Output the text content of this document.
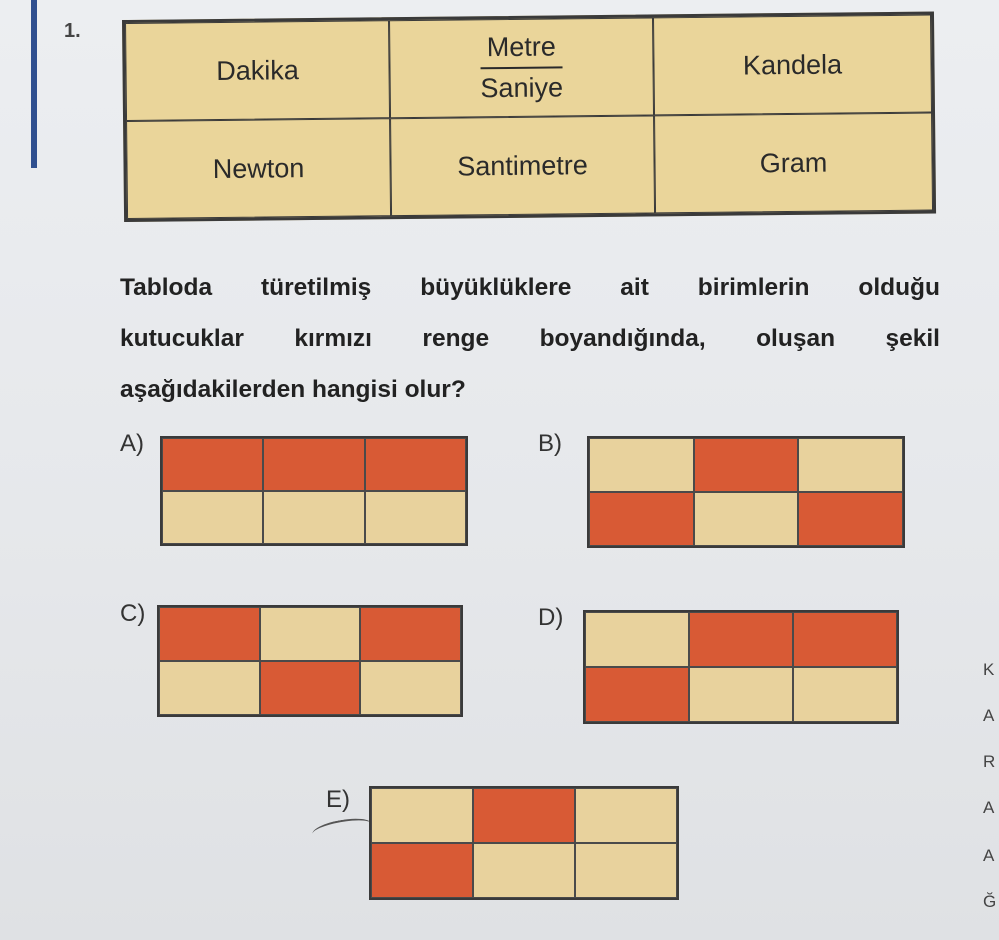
1.
Dakika	$\frac{\text{Metre}}{\text{Saniye}}$	Kandela
Newton	Santimetre	Gram
Tabloda türetilmiş büyüklüklere ait birimlerin olduğu
kutucuklar kırmızı renge boyandığında, oluşan şekil
aşağıdakilerden hangisi olur?
A)	B)
C)	D)
E)
K
A
R
A
A
Ğ
